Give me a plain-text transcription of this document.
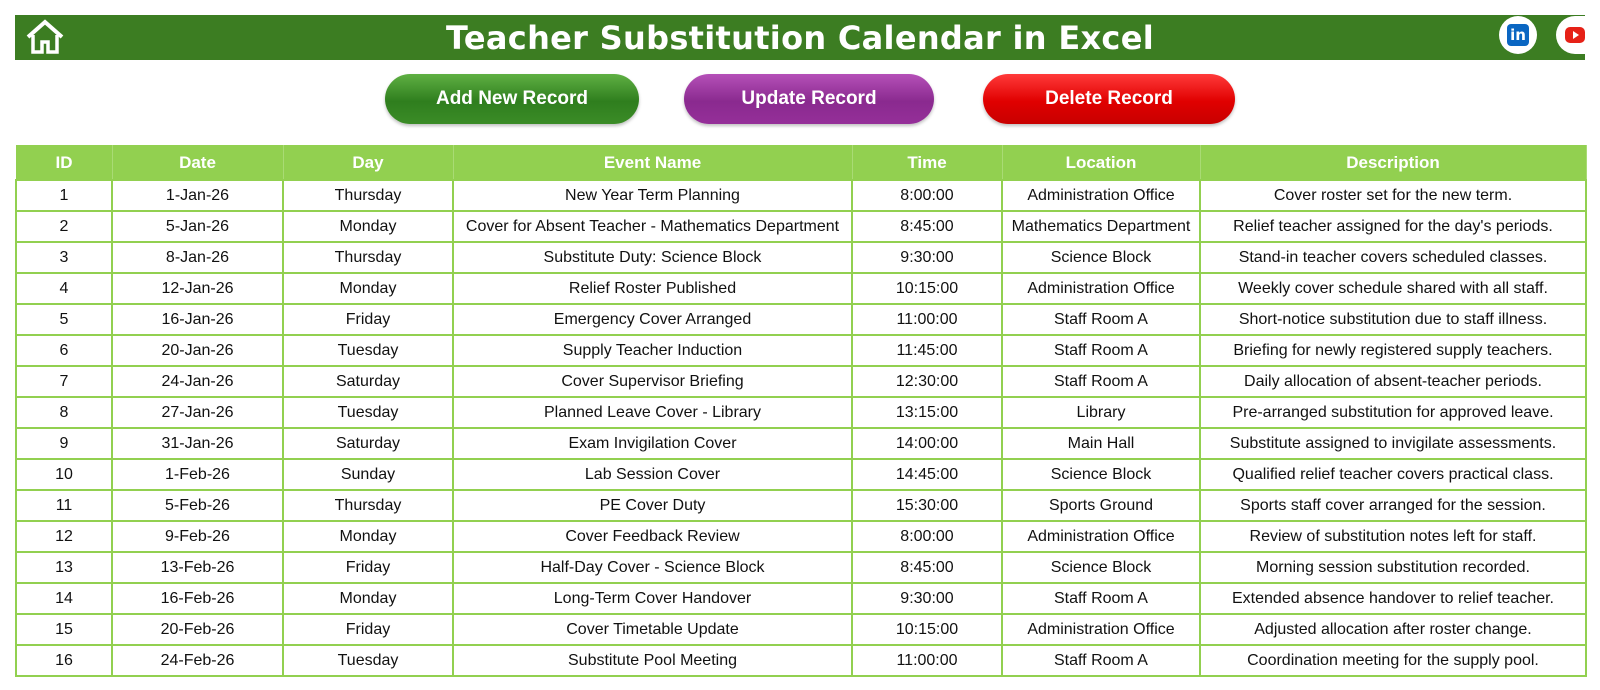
Teacher Substitution Calendar in Excel	in
Add New Record	Update Record	Delete Record
ID	Date	Day	Event Name	Time	Location	Description
1	1-Jan-26	Thursday	New Year Term Planning	8:00:00	Administration Office	Cover roster set for the new term.
2	5-Jan-26	Monday	Cover for Absent Teacher - Mathematics Department	8:45:00	Mathematics Department	Relief teacher assigned for the day's periods.
3	8-Jan-26	Thursday	Substitute Duty: Science Block	9:30:00	Science Block	Stand-in teacher covers scheduled classes.
4	12-Jan-26	Monday	Relief Roster Published	10:15:00	Administration Office	Weekly cover schedule shared with all staff.
5	16-Jan-26	Friday	Emergency Cover Arranged	11:00:00	Staff Room A	Short-notice substitution due to staff illness.
6	20-Jan-26	Tuesday	Supply Teacher Induction	11:45:00	Staff Room A	Briefing for newly registered supply teachers.
7	24-Jan-26	Saturday	Cover Supervisor Briefing	12:30:00	Staff Room A	Daily allocation of absent-teacher periods.
8	27-Jan-26	Tuesday	Planned Leave Cover - Library	13:15:00	Library	Pre-arranged substitution for approved leave.
9	31-Jan-26	Saturday	Exam Invigilation Cover	14:00:00	Main Hall	Substitute assigned to invigilate assessments.
10	1-Feb-26	Sunday	Lab Session Cover	14:45:00	Science Block	Qualified relief teacher covers practical class.
11	5-Feb-26	Thursday	PE Cover Duty	15:30:00	Sports Ground	Sports staff cover arranged for the session.
12	9-Feb-26	Monday	Cover Feedback Review	8:00:00	Administration Office	Review of substitution notes left for staff.
13	13-Feb-26	Friday	Half-Day Cover - Science Block	8:45:00	Science Block	Morning session substitution recorded.
14	16-Feb-26	Monday	Long-Term Cover Handover	9:30:00	Staff Room A	Extended absence handover to relief teacher.
15	20-Feb-26	Friday	Cover Timetable Update	10:15:00	Administration Office	Adjusted allocation after roster change.
16	24-Feb-26	Tuesday	Substitute Pool Meeting	11:00:00	Staff Room A	Coordination meeting for the supply pool.
